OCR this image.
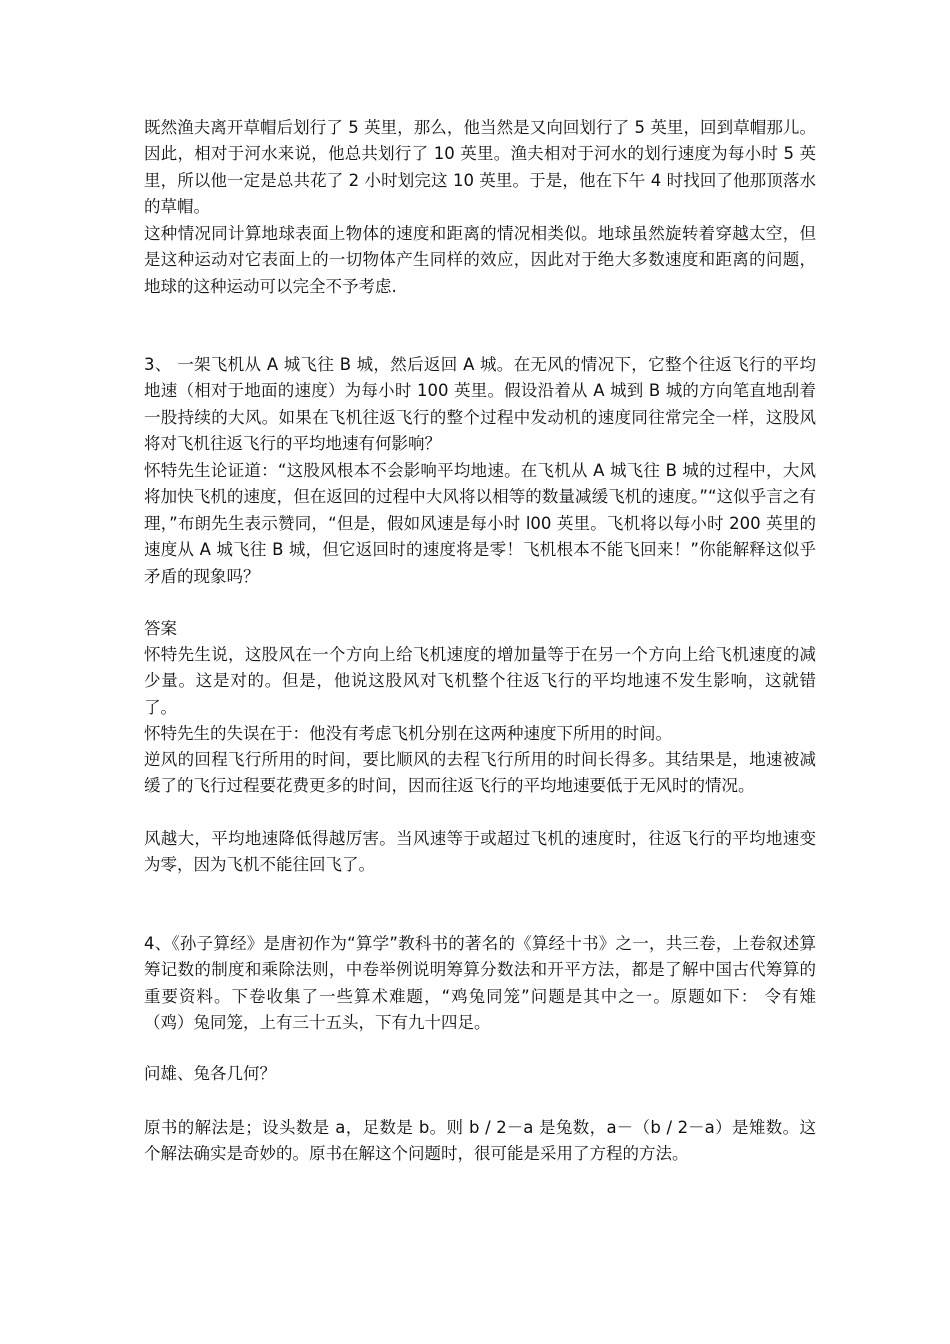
既然渔夫离开草帽后划行了 5 英里，那么，他当然是又向回划行了 5 英里，回到草帽那儿。因此，相对于河水来说，他总共划行了 10 英里。渔夫相对于河水的划行速度为每小时 5 英里，所以他一定是总共花了 2 小时划完这 10 英里。于是，他在下午 4 时找回了他那顶落水的草帽。

这种情况同计算地球表面上物体的速度和距离的情况相类似。地球虽然旋转着穿越太空，但是这种运动对它表面上的一切物体产生同样的效应，因此对于绝大多数速度和距离的问题，地球的这种运动可以完全不予考虑.

3、 一架飞机从 A 城飞往 B 城，然后返回 A 城。在无风的情况下，它整个往返飞行的平均地速（相对于地面的速度）为每小时 100 英里。假设沿着从 A 城到 B 城的方向笔直地刮着一股持续的大风。如果在飞机往返飞行的整个过程中发动机的速度同往常完全一样，这股风将对飞机往返飞行的平均地速有何影响？

怀特先生论证道：“这股风根本不会影响平均地速。在飞机从 A 城飞往 B 城的过程中，大风将加快飞机的速度，但在返回的过程中大风将以相等的数量减缓飞机的速度。”“这似乎言之有理，”布朗先生表示赞同，“但是，假如风速是每小时 l00 英里。飞机将以每小时 200 英里的速度从 A 城飞往 B 城，但它返回时的速度将是零！飞机根本不能飞回来！”你能解释这似乎矛盾的现象吗？

答案

怀特先生说，这股风在一个方向上给飞机速度的增加量等于在另一个方向上给飞机速度的减少量。这是对的。但是，他说这股风对飞机整个往返飞行的平均地速不发生影响，这就错了。

怀特先生的失误在于：他没有考虑飞机分别在这两种速度下所用的时间。

逆风的回程飞行所用的时间，要比顺风的去程飞行所用的时间长得多。其结果是，地速被减缓了的飞行过程要花费更多的时间，因而往返飞行的平均地速要低于无风时的情况。

风越大，平均地速降低得越厉害。当风速等于或超过飞机的速度时，往返飞行的平均地速变为零，因为飞机不能往回飞了。

4、《孙子算经》是唐初作为“算学”教科书的著名的《算经十书》之一，共三卷，上卷叙述算筹记数的制度和乘除法则，中卷举例说明筹算分数法和开平方法，都是了解中国古代筹算的重要资料。下卷收集了一些算术难题，“鸡兔同笼”问题是其中之一。原题如下： 令有雉（鸡）兔同笼，上有三十五头，下有九十四足。

问雄、兔各几何？

原书的解法是；设头数是 a，足数是 b。则 b / 2－a 是兔数，a－（b / 2－a）是雉数。这个解法确实是奇妙的。原书在解这个问题时，很可能是采用了方程的方法。
